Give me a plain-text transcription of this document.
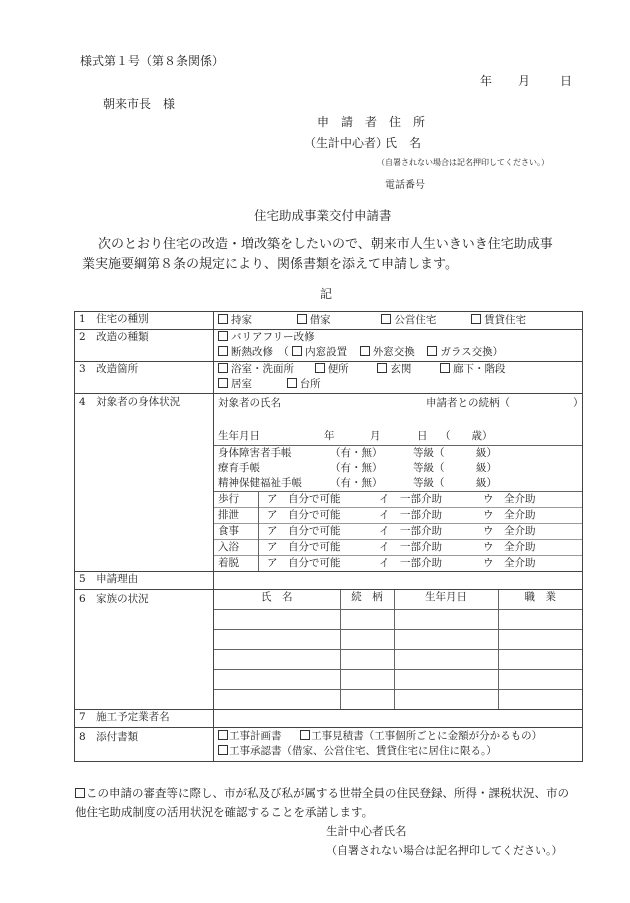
様式第１号（第８条関係）
年 月 日
朝来市長　様
申　請　者　住　所
（生計中心者）
氏　名
（自署されない場合は記名押印してください。）
電話番号
住宅助成事業交付申請書
次のとおり住宅の改造・増改築をしたいので、朝来市人生いきいき住宅助成事
業実施要綱第８条の規定により、関係書類を添えて申請します。
記
1　住宅の種別	持家	借家	公営住宅	賃貸住宅

2　改造の種類	バリアフリー改修
断熱改修　（ 内窓設置 外窓交換 ガラス交換）

3　改造箇所	浴室・洗面所	便所	玄関	廊下・階段
居室	台所

4　対象者の身体状況	対象者の氏名	申請者との続柄（	）
生年月日	年	月	日 （　　歳）
身体障害者手帳	（有・無）	等級（　　　級）
療育手帳	（有・無）	等級（　　　級）
精神保健福祉手帳	（有・無）	等級（　　　級）
歩行	ア　自分で可能	イ　一部介助	ウ　全介助
排泄	ア　自分で可能	イ　一部介助	ウ　全介助
食事	ア　自分で可能	イ　一部介助	ウ　全介助
入浴	ア　自分で可能	イ　一部介助	ウ　全介助
着脱	ア　自分で可能	イ　一部介助	ウ　全介助

5　申請理由	
6　家族の状況		氏　名	続　柄	生年月日	職　業

7　施工予定業者名	
8　添付書類	工事計画書	工事見積書（工事個所ごとに金額が分かるもの）
工事承認書（借家、公営住宅、賃貸住宅に居住に限る。）
この申請の審査等に際し、市が私及び私が属する世帯全員の住民登録、所得・課税状況、市の
他住宅助成制度の活用状況を確認することを承諾します。
生計中心者氏名
（自署されない場合は記名押印してください。）
